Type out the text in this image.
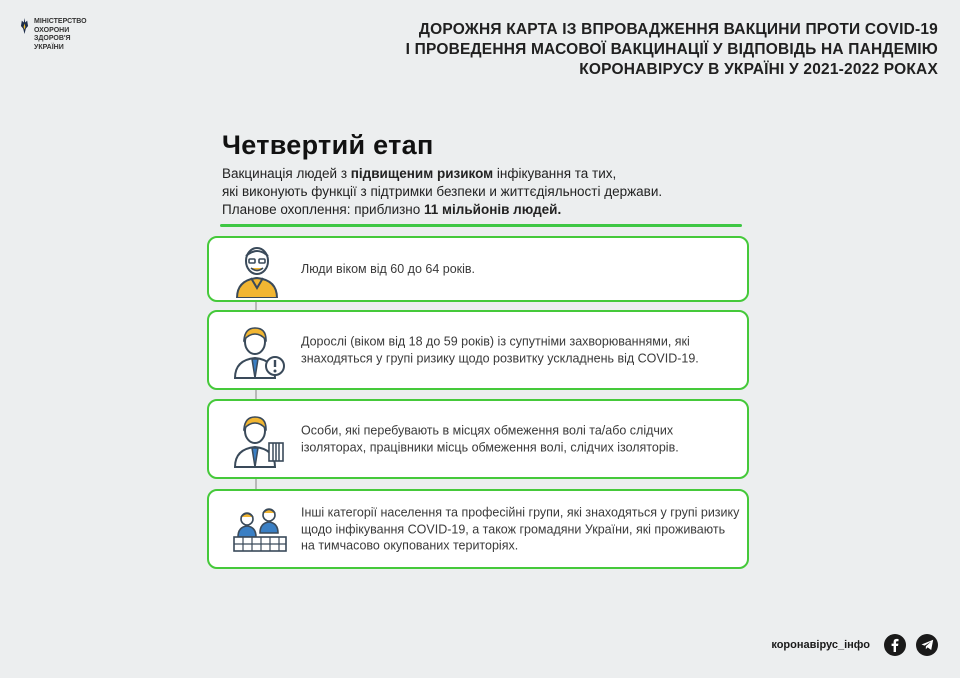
МІНІСТЕРСТВО
ОХОРОНИ
ЗДОРОВ'Я
УКРАЇНИ
ДОРОЖНЯ КАРТА ІЗ ВПРОВАДЖЕННЯ ВАКЦИНИ ПРОТИ COVID-19
І ПРОВЕДЕННЯ МАСОВОЇ ВАКЦИНАЦІЇ У ВІДПОВІДЬ НА ПАНДЕМІЮ
КОРОНАВІРУСУ В УКРАЇНІ У 2021-2022 РОКАХ
Четвертий етап
Вакцинація людей з підвищеним ризиком інфікування та тих,
які виконують функції з підтримки безпеки и життєдіяльності держави.
Планове охоплення: приблизно 11 мільйонів людей.
Люди віком від 60 до 64 років.
Дорослі (віком від 18 до 59 років) із супутніми захворюваннями, які знаходяться у групі ризику щодо розвитку ускладнень від COVID-19.
Особи, які перебувають в місцях обмеження волі та/або слідчих ізоляторах, працівники місць обмеження волі, слідчих ізоляторів.
Інші категорії населення та професійні групи, які знаходяться у групі ризику щодо інфікування COVID-19, а також громадяни України, які проживають на тимчасово окупованих територіях.
коронавірус_інфо
